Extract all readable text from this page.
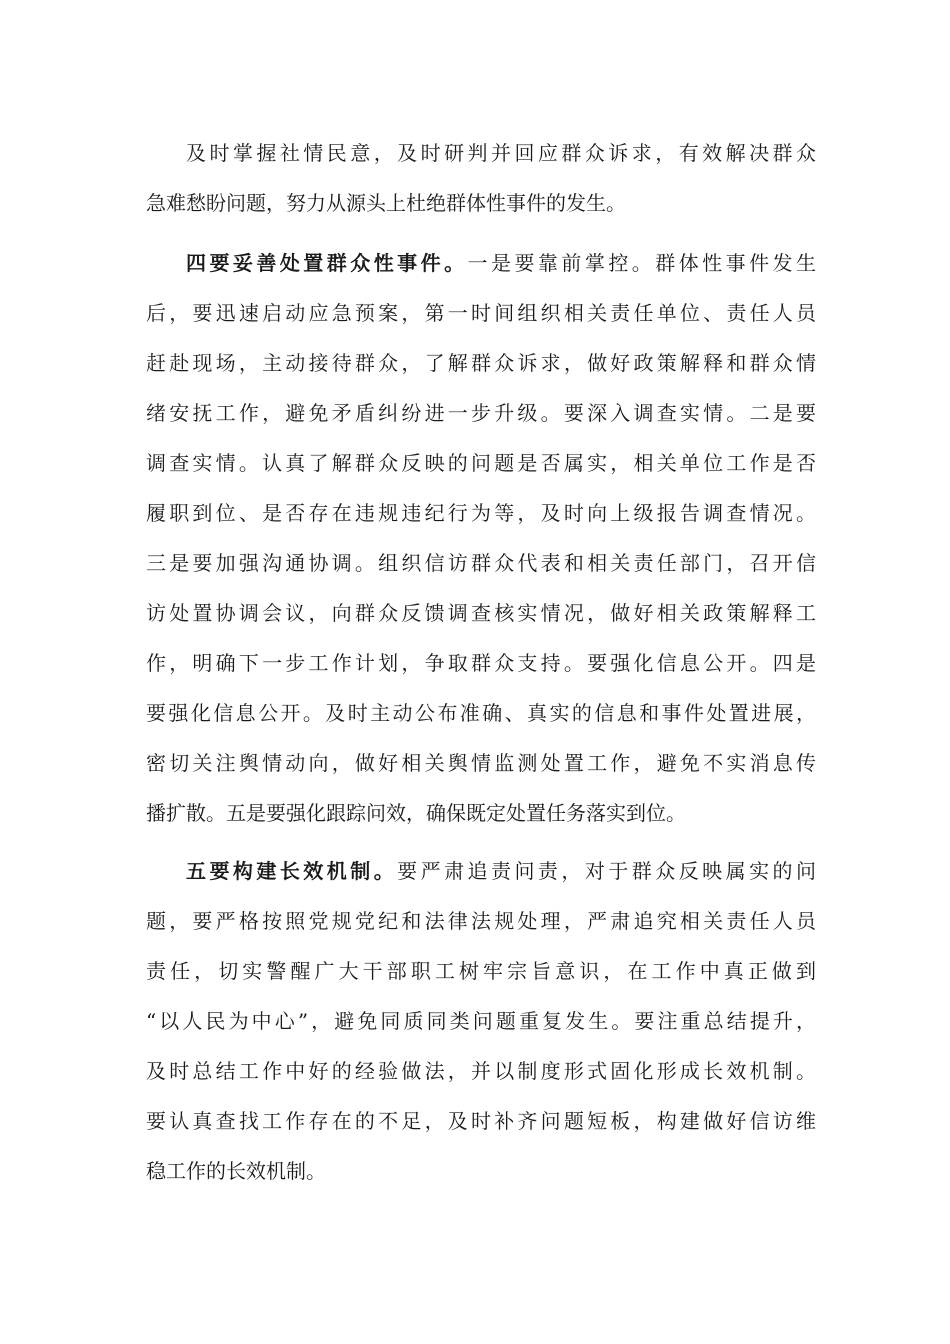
及时掌握社情民意，及时研判并回应群众诉求，有效解决群众
急难愁盼问题，努力从源头上杜绝群体性事件的发生。
四要妥善处置群众性事件。一是要靠前掌控。群体性事件发生
后，要迅速启动应急预案，第一时间组织相关责任单位、责任人员
赶赴现场，主动接待群众，了解群众诉求，做好政策解释和群众情
绪安抚工作，避免矛盾纠纷进一步升级。要深入调查实情。二是要
调查实情。认真了解群众反映的问题是否属实，相关单位工作是否
履职到位、是否存在违规违纪行为等，及时向上级报告调查情况。
三是要加强沟通协调。组织信访群众代表和相关责任部门，召开信
访处置协调会议，向群众反馈调查核实情况，做好相关政策解释工
作，明确下一步工作计划，争取群众支持。要强化信息公开。四是
要强化信息公开。及时主动公布准确、真实的信息和事件处置进展，
密切关注舆情动向，做好相关舆情监测处置工作，避免不实消息传
播扩散。五是要强化跟踪问效，确保既定处置任务落实到位。
五要构建长效机制。要严肃追责问责，对于群众反映属实的问
题，要严格按照党规党纪和法律法规处理，严肃追究相关责任人员
责任，切实警醒广大干部职工树牢宗旨意识，在工作中真正做到
“以人民为中心”，避免同质同类问题重复发生。要注重总结提升，
及时总结工作中好的经验做法，并以制度形式固化形成长效机制。
要认真查找工作存在的不足，及时补齐问题短板，构建做好信访维
稳工作的长效机制。
